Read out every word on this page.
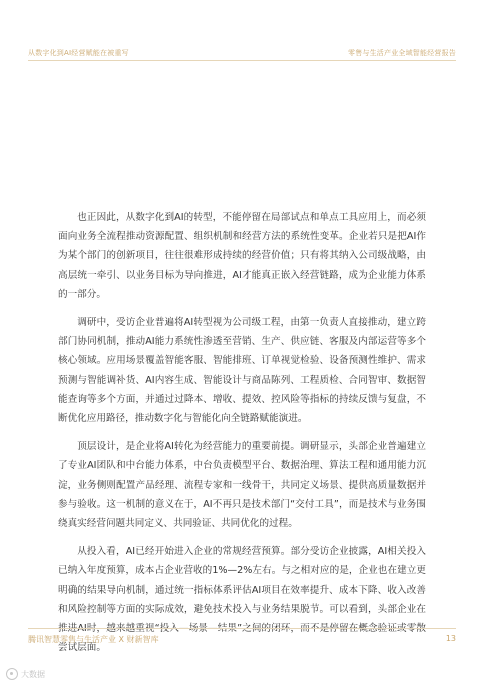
从数字化到AI经营赋能在被重写	零售与生活产业全域智能经营报告

也正因此，从数字化到AI的转型，不能停留在局部试点和单点工具应用上，而必须面向业务全流程推动资源配置、组织机制和经营方法的系统性变革。企业若只是把AI作为某个部门的创新项目，往往很难形成持续的经营价值；只有将其纳入公司级战略，由高层统一牵引、以业务目标为导向推进，AI才能真正嵌入经营链路，成为企业能力体系的一部分。

调研中，受访企业普遍将AI转型视为公司级工程，由第一负责人直接推动，建立跨部门协同机制，推动AI能力系统性渗透至营销、生产、供应链、客服及内部运营等多个核心领域。应用场景覆盖智能客服、智能排班、订单视觉检验、设备预测性维护、需求预测与智能调补货、AI内容生成、智能设计与商品陈列、工程质检、合同智审、数据智能查询等多个方面，并通过过降本、增收、提效、控风险等指标的持续反馈与复盘，不断优化应用路径，推动数字化与智能化向全链路赋能演进。

顶层设计，是企业将AI转化为经营能力的重要前提。调研显示，头部企业普遍建立了专业AI团队和中台能力体系，中台负责模型平台、数据治理、算法工程和通用能力沉淀，业务侧则配置产品经理、流程专家和一线骨干，共同定义场景、提供高质量数据并参与验收。这一机制的意义在于，AI不再只是技术部门“交付工具”，而是技术与业务围绕真实经营问题共同定义、共同验证、共同优化的过程。

从投入看，AI已经开始进入企业的常规经营预算。部分受访企业披露，AI相关投入已纳入年度预算，成本占企业营收的1%—2%左右。与之相对应的是，企业也在建立更明确的结果导向机制，通过统一指标体系评估AI项目在效率提升、成本下降、收入改善和风险控制等方面的实际成效，避免技术投入与业务结果脱节。可以看到，头部企业在 尝试层面。

腾讯智慧零售与生活产业 X 财新智库	13
大数据
